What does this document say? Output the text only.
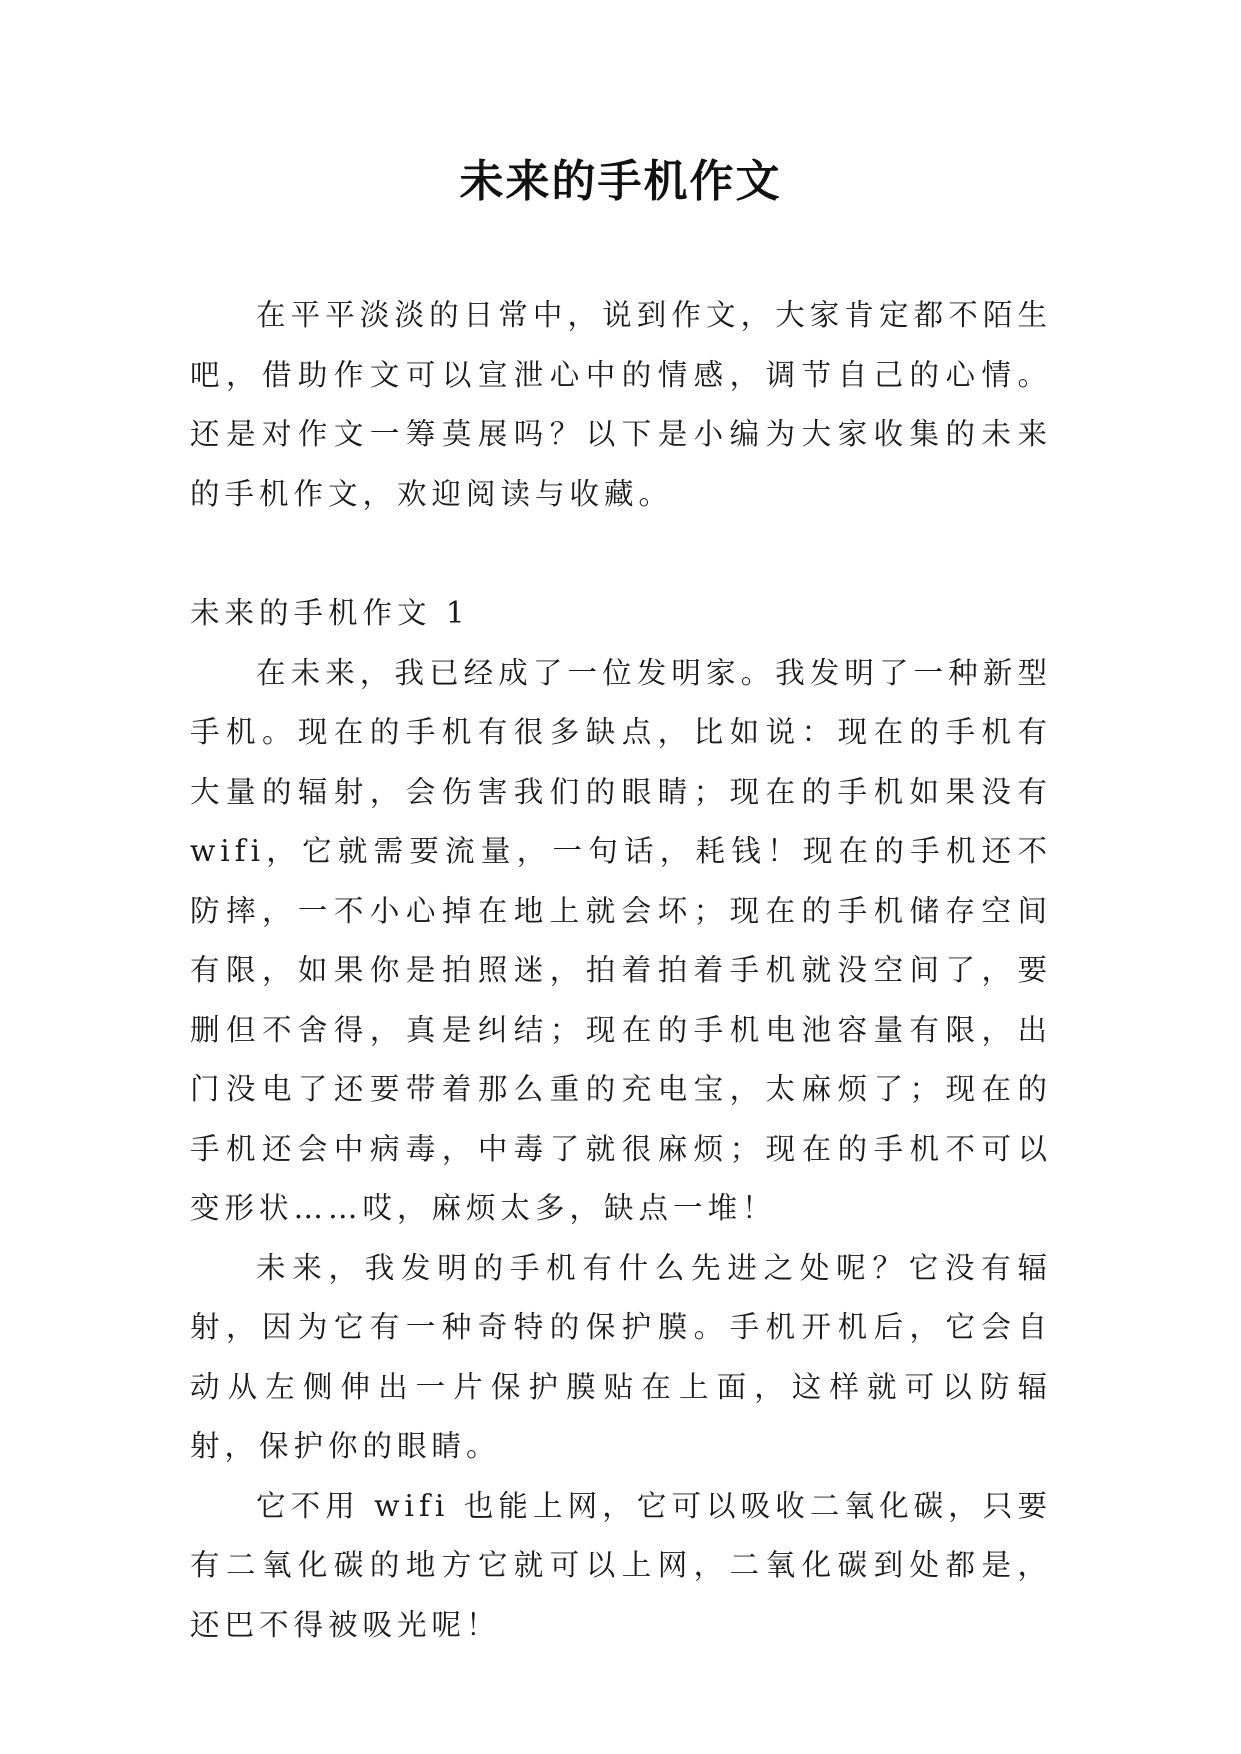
未来的手机作文

在平平淡淡的日常中，说到作文，大家肯定都不陌生吧，借助作文可以宣泄心中的情感，调节自己的心情。还是对作文一筹莫展吗？以下是小编为大家收集的未来的手机作文，欢迎阅读与收藏。

未来的手机作文 1

在未来，我已经成了一位发明家。我发明了一种新型手机。现在的手机有很多缺点，比如说：现在的手机有大量的辐射，会伤害我们的眼睛；现在的手机如果没有 wifi，它就需要流量，一句话，耗钱！现在的手机还不防摔，一不小心掉在地上就会坏；现在的手机储存空间有限，如果你是拍照迷，拍着拍着手机就没空间了，要删但不舍得，真是纠结；现在的手机电池容量有限，出门没电了还要带着那么重的充电宝，太麻烦了；现在的手机还会中病毒，中毒了就很麻烦；现在的手机不可以变形状……哎，麻烦太多，缺点一堆！

未来，我发明的手机有什么先进之处呢？它没有辐射，因为它有一种奇特的保护膜。手机开机后，它会自动从左侧伸出一片保护膜贴在上面，这样就可以防辐射，保护你的眼睛。

它不用 wifi 也能上网，它可以吸收二氧化碳，只要有二氧化碳的地方它就可以上网，二氧化碳到处都是，还巴不得被吸光呢！
